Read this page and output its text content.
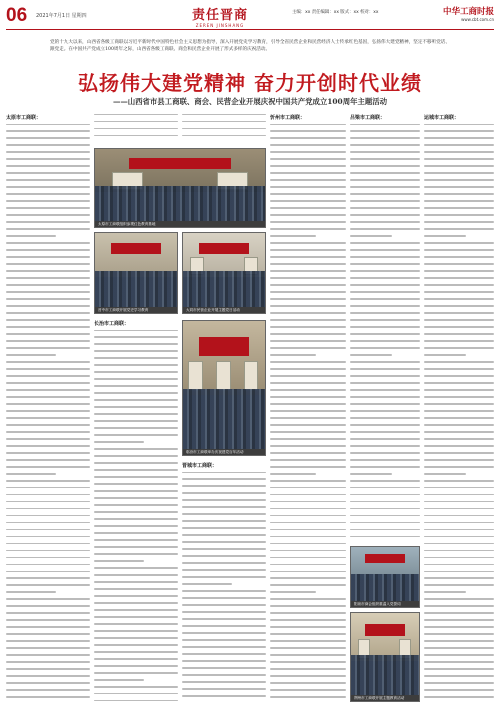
06 2021年7月1日 星期四	责任晋商
ZEREN JINSHANG
主编：xx 责任编辑：xx 版式：xx 校对：xx	中华工商时报
www.cbt.com.cn

党的十九大以来，山西省各级工商联以习近平新时代中国特色社会主义思想为指导，深入开展党史学习教育，引导全省民营企业和民营经济人士传承红色基因，弘扬伟大建党精神，坚定不移听党话、跟党走。在中国共产党成立100周年之际，山西省各级工商联、商会和民营企业开展了形式多样的庆祝活动。

弘扬伟大建党精神 奋力开创时代业绩
——山西省市县工商联、商会、民营企业开展庆祝中国共产党成立100周年主题活动
太原市工商联：
长治市工商联：
晋城市工商联：
忻州市工商联：	吕梁市工商联：	运城市工商联：
太原市工商联组织参观红色教育基地
晋中市工商联开展党史学习教育	大同市民营企业开展主题党日活动
临汾市工商联举办庆祝建党百年活动
阳泉市商会组织重温入党誓词
朔州市工商联开展主题教育活动
